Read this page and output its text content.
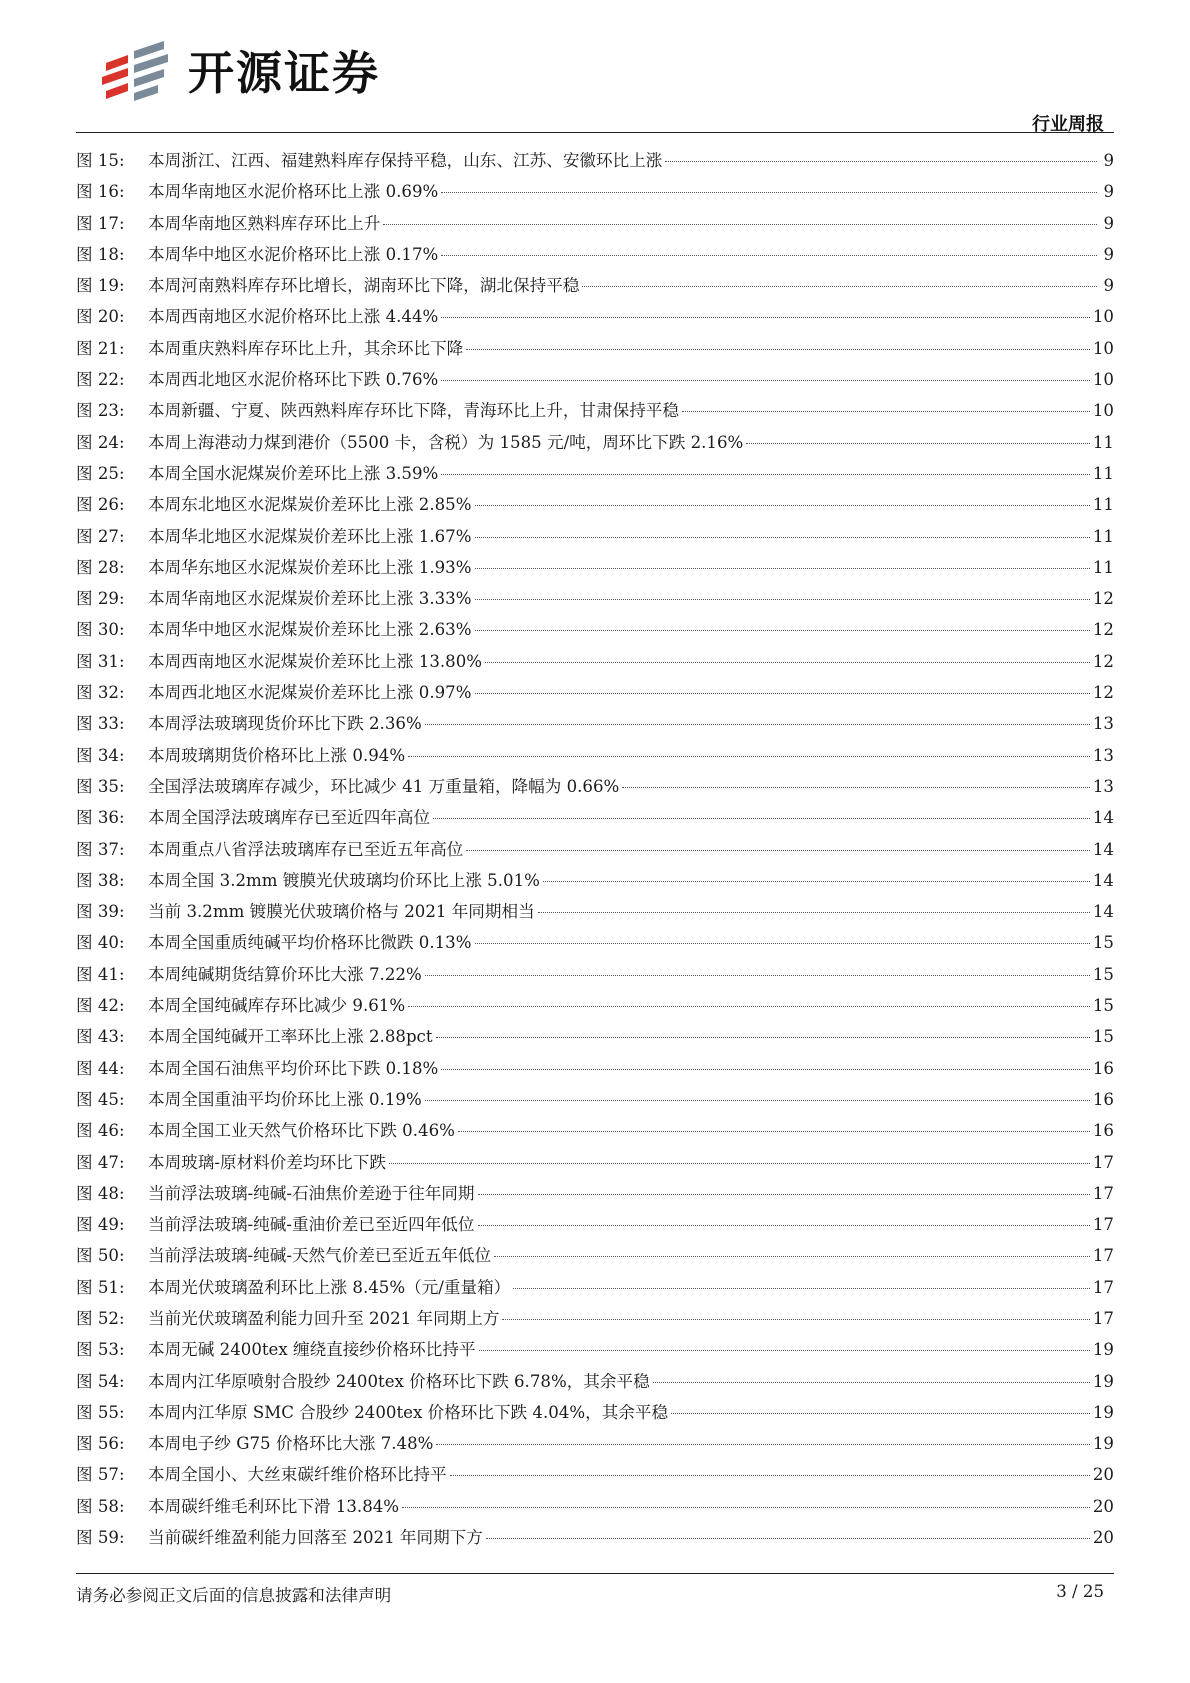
开源证券
行业周报
图 15:	本周浙江、江西、福建熟料库存保持平稳，山东、江苏、安徽环比上涨	9
图 16:	本周华南地区水泥价格环比上涨 0.69%	9
图 17:	本周华南地区熟料库存环比上升	9
图 18:	本周华中地区水泥价格环比上涨 0.17%	9
图 19:	本周河南熟料库存环比增长，湖南环比下降，湖北保持平稳	9
图 20:	本周西南地区水泥价格环比上涨 4.44%	10
图 21:	本周重庆熟料库存环比上升，其余环比下降	10
图 22:	本周西北地区水泥价格环比下跌 0.76%	10
图 23:	本周新疆、宁夏、陕西熟料库存环比下降，青海环比上升，甘肃保持平稳	10
图 24:	本周上海港动力煤到港价（5500 卡，含税）为 1585 元/吨，周环比下跌 2.16%	11
图 25:	本周全国水泥煤炭价差环比上涨 3.59%	11
图 26:	本周东北地区水泥煤炭价差环比上涨 2.85%	11
图 27:	本周华北地区水泥煤炭价差环比上涨 1.67%	11
图 28:	本周华东地区水泥煤炭价差环比上涨 1.93%	11
图 29:	本周华南地区水泥煤炭价差环比上涨 3.33%	12
图 30:	本周华中地区水泥煤炭价差环比上涨 2.63%	12
图 31:	本周西南地区水泥煤炭价差环比上涨 13.80%	12
图 32:	本周西北地区水泥煤炭价差环比上涨 0.97%	12
图 33:	本周浮法玻璃现货价环比下跌 2.36%	13
图 34:	本周玻璃期货价格环比上涨 0.94%	13
图 35:	全国浮法玻璃库存减少，环比减少 41 万重量箱，降幅为 0.66%	13
图 36:	本周全国浮法玻璃库存已至近四年高位	14
图 37:	本周重点八省浮法玻璃库存已至近五年高位	14
图 38:	本周全国 3.2mm 镀膜光伏玻璃均价环比上涨 5.01%	14
图 39:	当前 3.2mm 镀膜光伏玻璃价格与 2021 年同期相当	14
图 40:	本周全国重质纯碱平均价格环比微跌 0.13%	15
图 41:	本周纯碱期货结算价环比大涨 7.22%	15
图 42:	本周全国纯碱库存环比减少 9.61%	15
图 43:	本周全国纯碱开工率环比上涨 2.88pct	15
图 44:	本周全国石油焦平均价环比下跌 0.18%	16
图 45:	本周全国重油平均价环比上涨 0.19%	16
图 46:	本周全国工业天然气价格环比下跌 0.46%	16
图 47:	本周玻璃-原材料价差均环比下跌	17
图 48:	当前浮法玻璃-纯碱-石油焦价差逊于往年同期	17
图 49:	当前浮法玻璃-纯碱-重油价差已至近四年低位	17
图 50:	当前浮法玻璃-纯碱-天然气价差已至近五年低位	17
图 51:	本周光伏玻璃盈利环比上涨 8.45%（元/重量箱）	17
图 52:	当前光伏玻璃盈利能力回升至 2021 年同期上方	17
图 53:	本周无碱 2400tex 缠绕直接纱价格环比持平	19
图 54:	本周内江华原喷射合股纱 2400tex 价格环比下跌 6.78%，其余平稳	19
图 55:	本周内江华原 SMC 合股纱 2400tex 价格环比下跌 4.04%，其余平稳	19
图 56:	本周电子纱 G75 价格环比大涨 7.48%	19
图 57:	本周全国小、大丝束碳纤维价格环比持平	20
图 58:	本周碳纤维毛利环比下滑 13.84%	20
图 59:	当前碳纤维盈利能力回落至 2021 年同期下方	20
请务必参阅正文后面的信息披露和法律声明	3 / 25
